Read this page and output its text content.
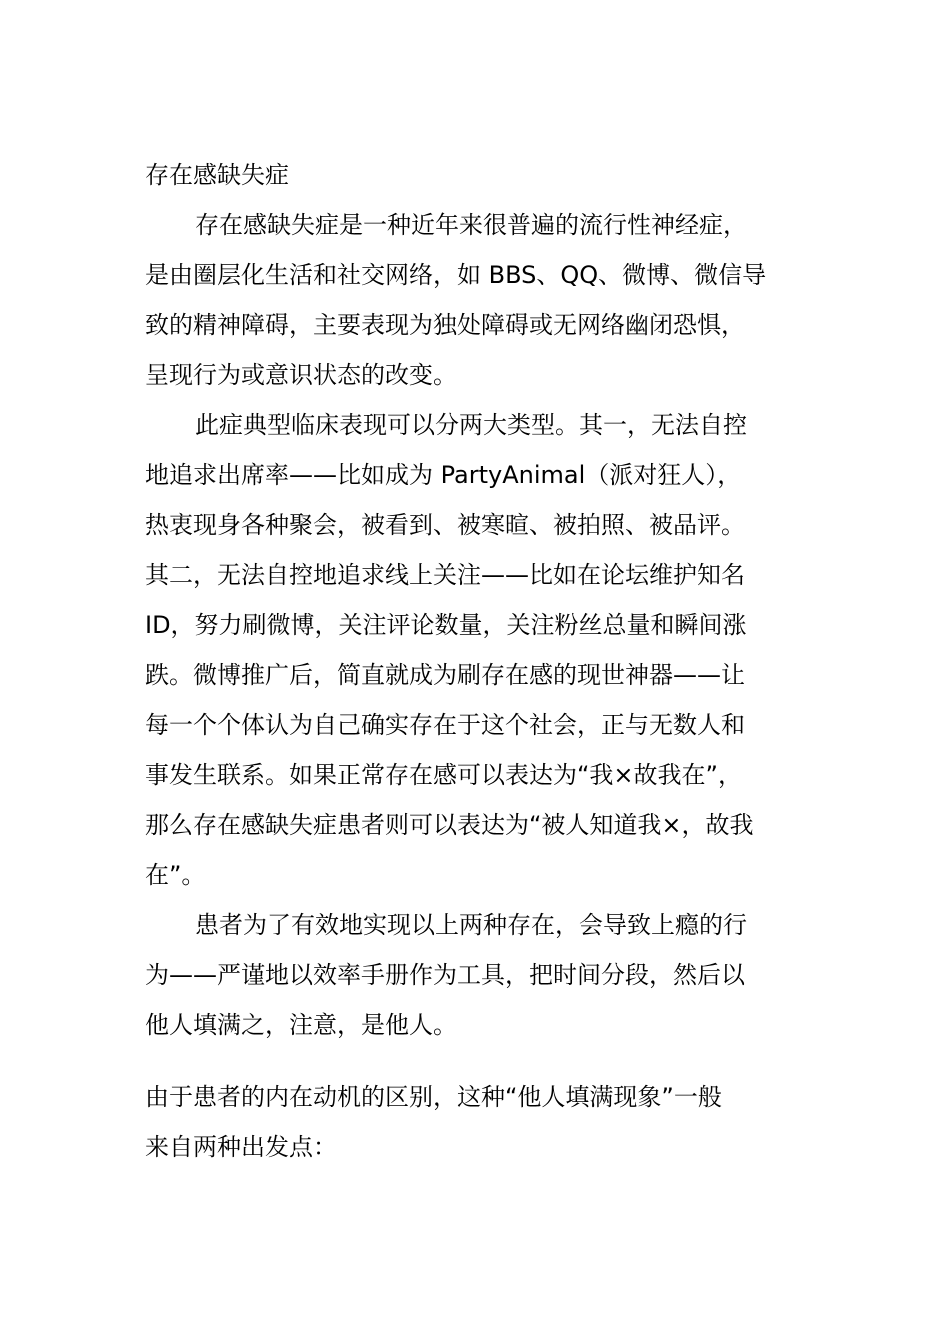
存在感缺失症
存在感缺失症是一种近年来很普遍的流行性神经症，
是由圈层化生活和社交网络，如 BBS、QQ、微博、微信导
致的精神障碍，主要表现为独处障碍或无网络幽闭恐惧，
呈现行为或意识状态的改变。
此症典型临床表现可以分两大类型。其一，无法自控
地追求出席率——比如成为 PartyAnimal（派对狂人），
热衷现身各种聚会，被看到、被寒暄、被拍照、被品评。
其二，无法自控地追求线上关注——比如在论坛维护知名
ID，努力刷微博，关注评论数量，关注粉丝总量和瞬间涨
跌。微博推广后，简直就成为刷存在感的现世神器——让
每一个个体认为自己确实存在于这个社会，正与无数人和
事发生联系。如果正常存在感可以表达为“我×故我在”，
那么存在感缺失症患者则可以表达为“被人知道我×，故我
在”。
患者为了有效地实现以上两种存在，会导致上瘾的行
为——严谨地以效率手册作为工具，把时间分段，然后以
他人填满之，注意，是他人。
由于患者的内在动机的区别，这种“他人填满现象”一般
来自两种出发点：
